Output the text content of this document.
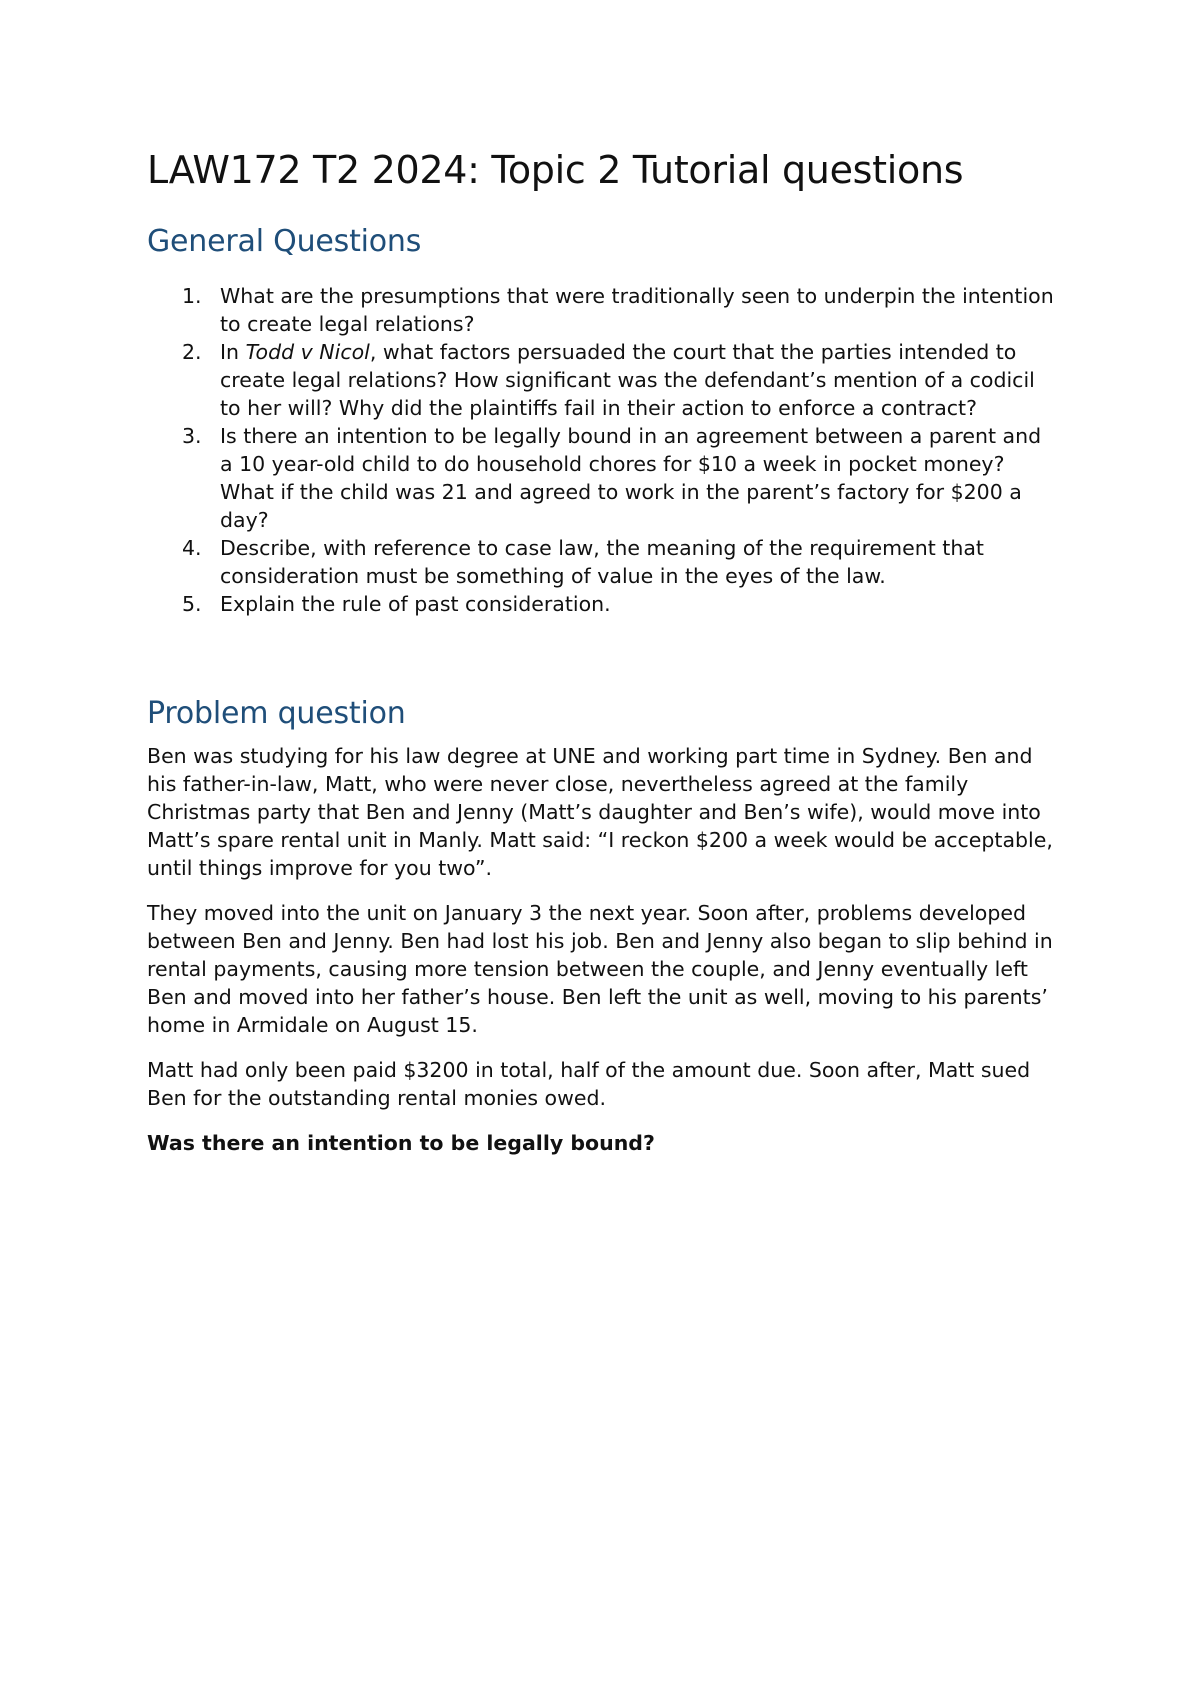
LAW172 T2 2024: Topic 2 Tutorial questions
General Questions
1. What are the presumptions that were traditionally seen to underpin the intention to create legal relations?
2. In Todd v Nicol, what factors persuaded the court that the parties intended to create legal relations? How significant was the defendant’s mention of a codicil to her will? Why did the plaintiffs fail in their action to enforce a contract?
3. Is there an intention to be legally bound in an agreement between a parent and a 10 year-old child to do household chores for $10 a week in pocket money? What if the child was 21 and agreed to work in the parent’s factory for $200 a day?
4. Describe, with reference to case law, the meaning of the requirement that consideration must be something of value in the eyes of the law.
5. Explain the rule of past consideration.
Problem question

Ben was studying for his law degree at UNE and working part time in Sydney. Ben and his father-in-law, Matt, who were never close, nevertheless agreed at the family Christmas party that Ben and Jenny (Matt’s daughter and Ben’s wife), would move into Matt’s spare rental unit in Manly. Matt said: “I reckon $200 a week would be acceptable, until things improve for you two”.

They moved into the unit on January 3 the next year. Soon after, problems developed between Ben and Jenny. Ben had lost his job. Ben and Jenny also began to slip behind in rental payments, causing more tension between the couple, and Jenny eventually left Ben and moved into her father’s house. Ben left the unit as well, moving to his parents’ home in Armidale on August 15.

Matt had only been paid $3200 in total, half of the amount due. Soon after, Matt sued Ben for the outstanding rental monies owed.

Was there an intention to be legally bound?
